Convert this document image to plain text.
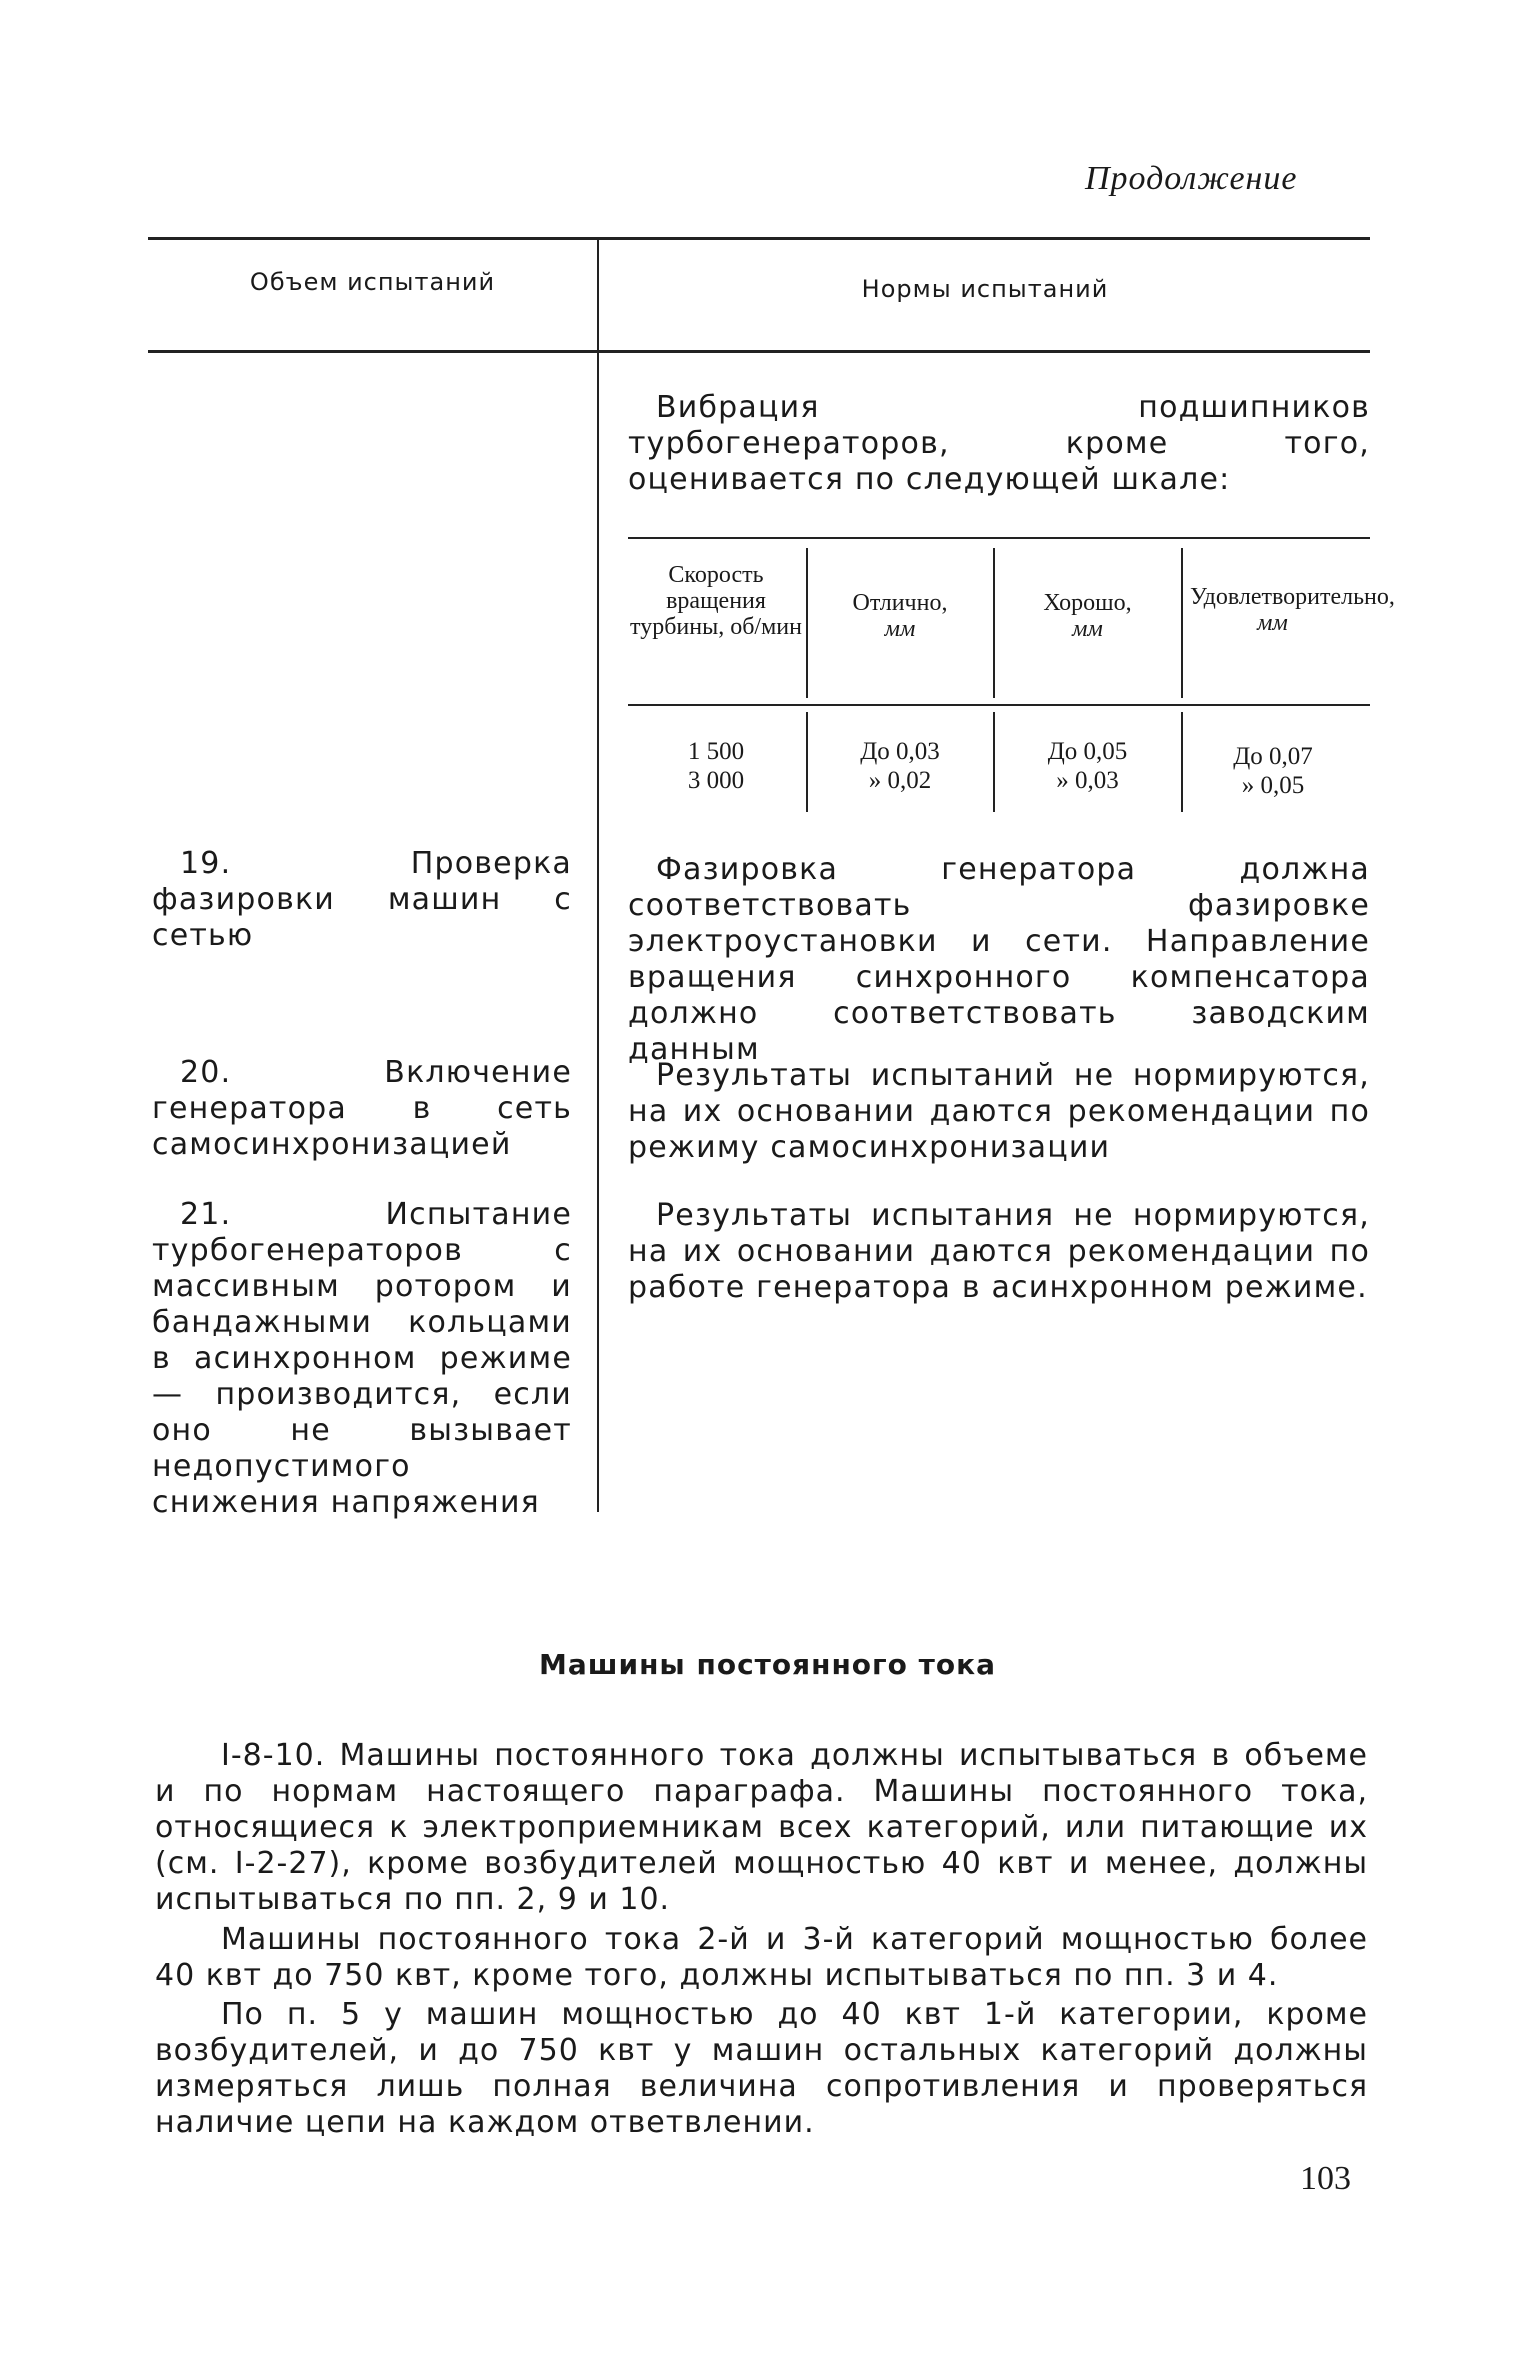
Продолжение
Объем испытаний	Нормы испытаний
Вибрация подшипников турбогенераторов, кроме того, оценивается по следующей шкале:
Скорость вращения турбины, об/мин
Отлично,
мм
Хорошо,
мм
Удовлетворительно,
мм
1 500
3 000
До 0,03
» 0,02
До 0,05
» 0,03
До 0,07
» 0,05
19. Проверка фазировки машин с сетью
Фазировка генератора должна соответствовать фазировке электроустановки и сети. Направление вращения синхронного компенсатора должно соответствовать заводским данным
20. Включение генератора в сеть самосинхронизацией
Результаты испытаний не нормируются, на их основании даются рекомендации по режиму самосинхронизации
21. Испытание турбогенераторов с массивным ротором и бандажными кольцами в асинхронном режиме — производится, если оно не вызывает недопустимого снижения напряжения
Результаты испытания не нормируются, на их основании даются рекомендации по работе генератора в асинхронном режиме.
Машины постоянного тока
I-8-10. Машины постоянного тока должны испытываться в объеме и по нормам настоящего параграфа. Машины постоянного тока, относящиеся к электроприемникам всех категорий, или питающие их (см. I-2-27), кроме возбудителей мощностью 40 квт и менее, должны испытываться по пп. 2, 9 и 10.
Машины постоянного тока 2-й и 3-й категорий мощностью более 40 квт до 750 квт, кроме того, должны испытываться по пп. 3 и 4.
По п. 5 у машин мощностью до 40 квт 1-й категории, кроме возбудителей, и до 750 квт у машин остальных категорий должны измеряться лишь полная величина сопротивления и проверяться наличие цепи на каждом ответвлении.
103
